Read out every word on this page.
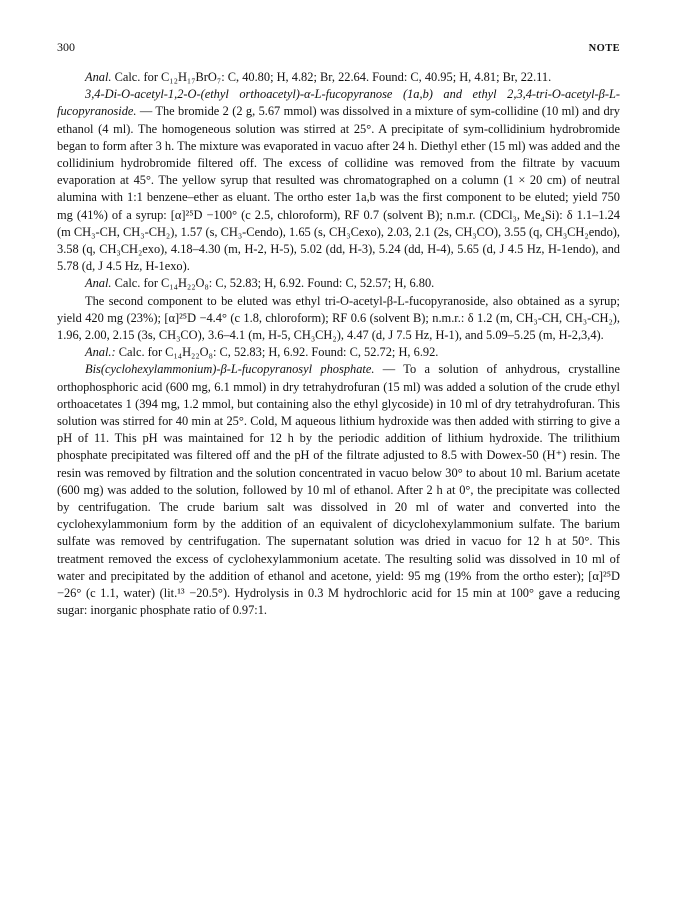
300	NOTE

Anal. Calc. for C₁₂H₁₇BrO₇: C, 40.80; H, 4.82; Br, 22.64. Found: C, 40.95; H, 4.81; Br, 22.11.

3,4-Di-O-acetyl-1,2-O-(ethyl orthoacetyl)-α-L-fucopyranose (1a,b) and ethyl 2,3,4-tri-O-acetyl-β-L-fucopyranoside. — The bromide 2 (2 g, 5.67 mmol) was dissolved in a mixture of sym-collidine (10 ml) and dry ethanol (4 ml). The homogeneous solution was stirred at 25°. A precipitate of sym-collidinium hydrobromide began to form after 3 h. The mixture was evaporated in vacuo after 24 h. Diethyl ether (15 ml) was added and the collidinium hydrobromide filtered off. The excess of collidine was removed from the filtrate by vacuum evaporation at 45°. The yellow syrup that resulted was chromatographed on a column (1 × 20 cm) of neutral alumina with 1:1 benzene–ether as eluant. The ortho ester 1a,b was the first component to be eluted; yield 750 mg (41%) of a syrup: [α]²⁵D −100° (c 2.5, chloroform), RF 0.7 (solvent B); n.m.r. (CDCl₃, Me₄Si): δ 1.1–1.24 (m CH₃-CH, CH₃-CH₂), 1.57 (s, CH₃-Cendo), 1.65 (s, CH₃Cexo), 2.03, 2.1 (2s, CH₃CO), 3.55 (q, CH₃CH₂endo), 3.58 (q, CH₃CH₂exo), 4.18–4.30 (m, H-2, H-5), 5.02 (dd, H-3), 5.24 (dd, H-4), 5.65 (d, J 4.5 Hz, H-1endo), and 5.78 (d, J 4.5 Hz, H-1exo).

Anal. Calc. for C₁₄H₂₂O₈: C, 52.83; H, 6.92. Found: C, 52.57; H, 6.80.

The second component to be eluted was ethyl tri-O-acetyl-β-L-fucopyranoside, also obtained as a syrup; yield 420 mg (23%); [α]²⁵D −4.4° (c 1.8, chloroform); RF 0.6 (solvent B); n.m.r.: δ 1.2 (m, CH₃-CH, CH₃-CH₂), 1.96, 2.00, 2.15 (3s, CH₃CO), 3.6–4.1 (m, H-5, CH₃CH₂), 4.47 (d, J 7.5 Hz, H-1), and 5.09–5.25 (m, H-2,3,4).

Anal.: Calc. for C₁₄H₂₂O₈: C, 52.83; H, 6.92. Found: C, 52.72; H, 6.92.

Bis(cyclohexylammonium)-β-L-fucopyranosyl phosphate. — To a solution of anhydrous, crystalline orthophosphoric acid (600 mg, 6.1 mmol) in dry tetrahydrofuran (15 ml) was added a solution of the crude ethyl orthoacetates 1 (394 mg, 1.2 mmol, but containing also the ethyl glycoside) in 10 ml of dry tetrahydrofuran. This solution was stirred for 40 min at 25°. Cold, M aqueous lithium hydroxide was then added with stirring to give a pH of 11. This pH was maintained for 12 h by the periodic addition of lithium hydroxide. The trilithium phosphate precipitated was filtered off and the pH of the filtrate adjusted to 8.5 with Dowex-50 (H⁺) resin. The resin was removed by filtration and the solution concentrated in vacuo below 30° to about 10 ml. Barium acetate (600 mg) was added to the solution, followed by 10 ml of ethanol. After 2 h at 0°, the precipitate was collected by centrifugation. The crude barium salt was dissolved in 20 ml of water and converted into the cyclohexylammonium form by the addition of an equivalent of dicyclohexylammonium sulfate. The barium sulfate was removed by centrifugation. The supernatant solution was dried in vacuo for 12 h at 50°. This treatment removed the excess of cyclohexylammonium acetate. The resulting solid was dissolved in 10 ml of water and precipitated by the addition of ethanol and acetone, yield: 95 mg (19% from the ortho ester); [α]²⁵D −26° (c 1.1, water) (lit.¹³ −20.5°). Hydrolysis in 0.3 M hydrochloric acid for 15 min at 100° gave a reducing sugar: inorganic phosphate ratio of 0.97:1.
